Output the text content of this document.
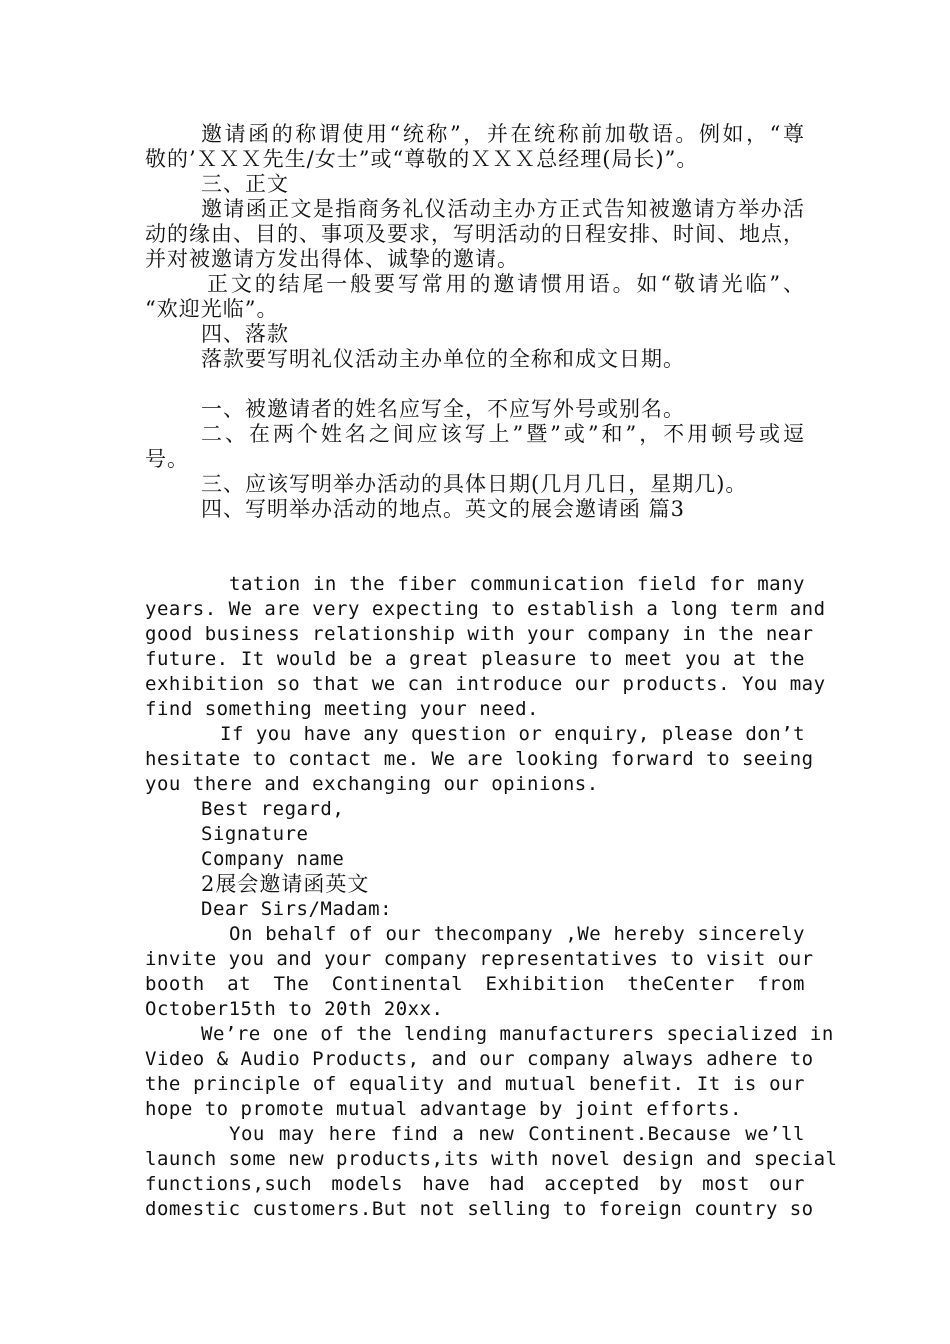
邀请函的称谓使用“统称”，并在统称前加敬语。例如，“尊
敬的’ＸＸＸ先生/女士”或“尊敬的ＸＸＸ总经理(局长)”。
三、正文
邀请函正文是指商务礼仪活动主办方正式告知被邀请方举办活
动的缘由、目的、事项及要求，写明活动的日程安排、时间、地点，
并对被邀请方发出得体、诚挚的邀请。
正文的结尾一般要写常用的邀请惯用语。如“敬请光临”、
“欢迎光临”。
四、落款
落款要写明礼仪活动主办单位的全称和成文日期。
一、被邀请者的姓名应写全，不应写外号或别名。
二、在两个姓名之间应该写上”暨”或”和”，不用顿号或逗
号。
三、应该写明举办活动的具体日期(几月几日，星期几)。
四、写明举办活动的地点。英文的展会邀请函 篇3
tation in the fiber communication field for many
years. We are very expecting to establish a long term and
good business relationship with your company in the near
future. It would be a great pleasure to meet you at the
exhibition so that we can introduce our products. You may
find something meeting your need.
If you have any question or enquiry, please don’t
hesitate to contact me. We are looking forward to seeing
you there and exchanging our opinions.
Best regard,
Signature
Company name
2展会邀请函英文
Dear Sirs/Madam:
On behalf of our thecompany ,We hereby sincerely
invite you and your company representatives to visit our
booth at The Continental Exhibition theCenter from
October15th to 20th 20xx.
We’re one of the lending manufacturers specialized in
Video & Audio Products, and our company always adhere to
the principle of equality and mutual benefit. It is our
hope to promote mutual advantage by joint efforts.
You may here find a new Continent.Because we’ll
launch some new products,its with novel design and special
functions,such models have had accepted by most our
domestic customers.But not selling to foreign country so
